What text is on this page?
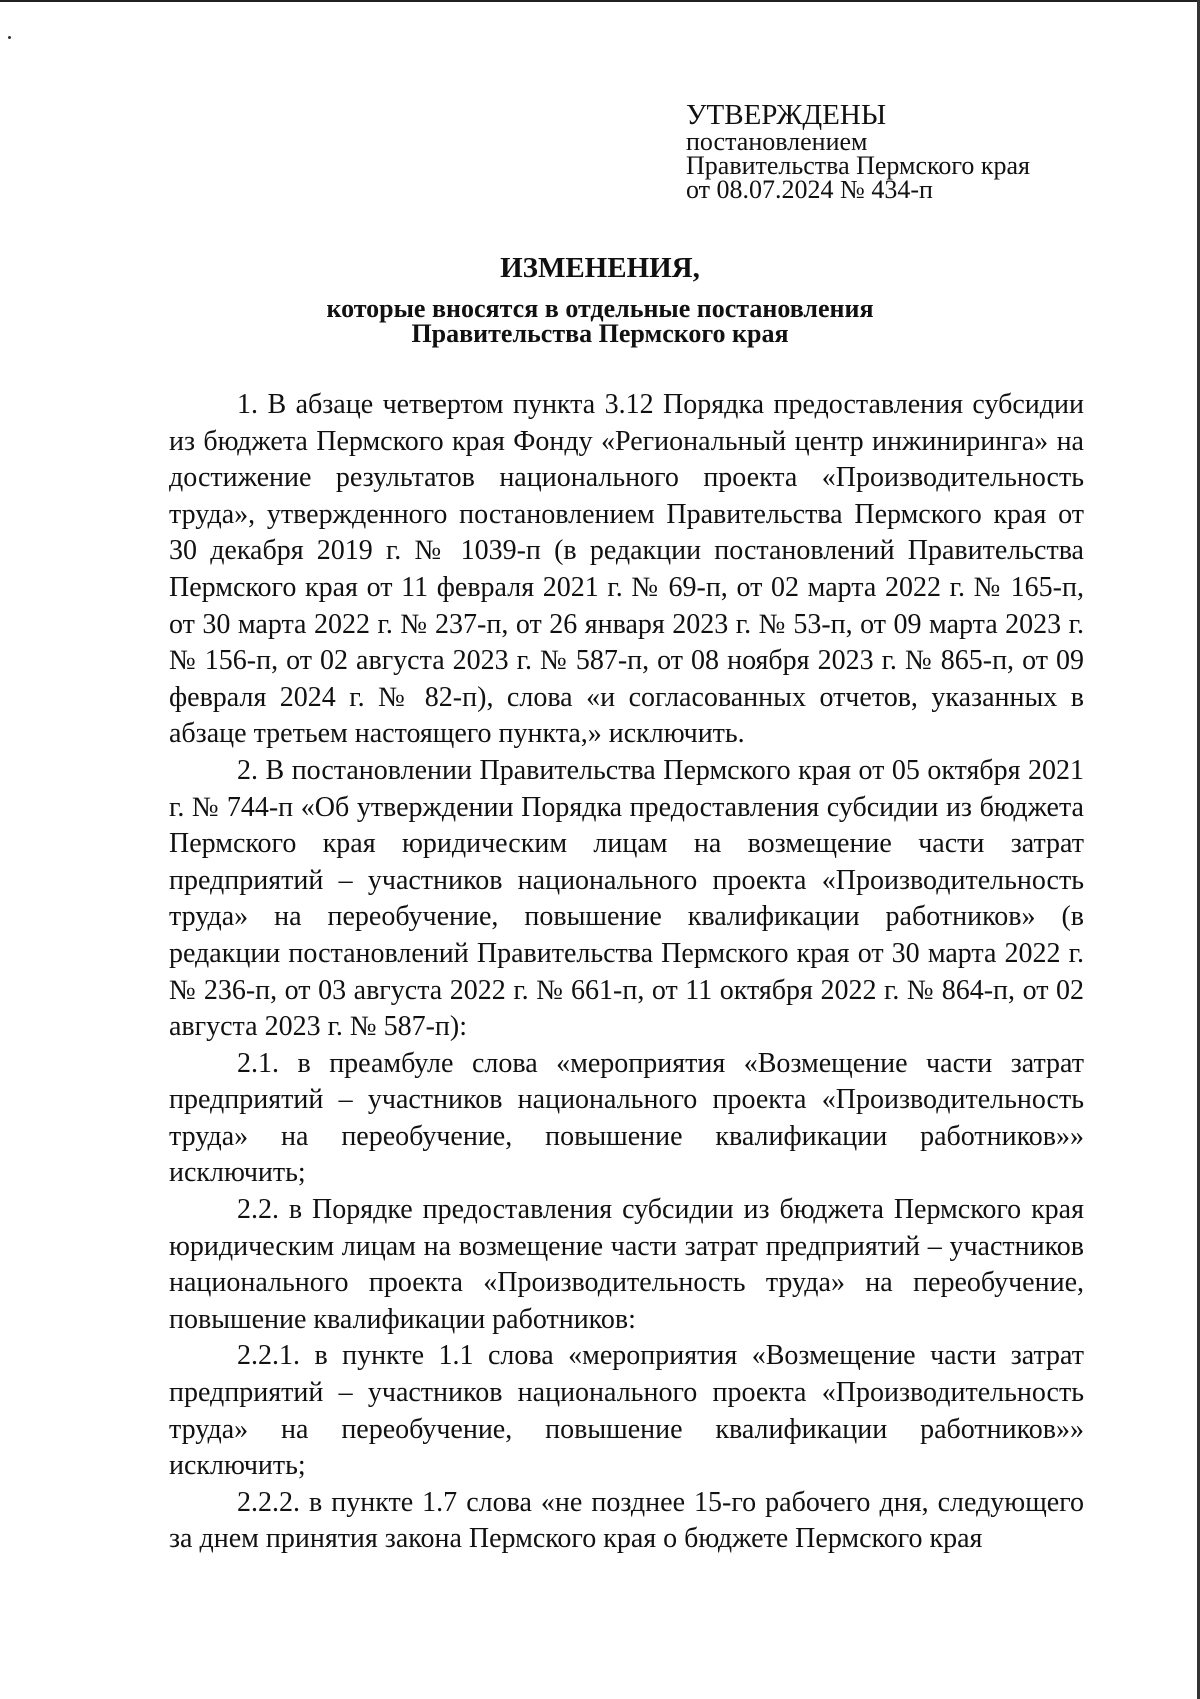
УТВЕРЖДЕНЫ
постановлением
Правительства Пермского края
от 08.07.2024 № 434-п
ИЗМЕНЕНИЯ,
которые вносятся в отдельные постановления
Правительства Пермского края

1. В абзаце четвертом пункта 3.12 Порядка предоставления субсидии из бюджета Пермского края Фонду «Региональный центр инжиниринга» на достижение результатов национального проекта «Производительность труда», утвержденного постановлением Правительства Пермского края от 30 декабря 2019 г. № 1039-п (в редакции постановлений Правительства Пермского края от 11 февраля 2021 г. № 69-п, от 02 марта 2022 г. № 165-п, от 30 марта 2022 г. № 237-п, от 26 января 2023 г. № 53-п, от 09 марта 2023 г. № 156-п, от 02 августа 2023 г. № 587-п, от 08 ноября 2023 г. № 865-п, от 09 февраля 2024 г. № 82-п), слова «и согласованных отчетов, указанных в абзаце третьем настоящего пункта,» исключить.

2. В постановлении Правительства Пермского края от 05 октября 2021 г. № 744-п «Об утверждении Порядка предоставления субсидии из бюджета Пермского края юридическим лицам на возмещение части затрат предприятий – участников национального проекта «Производительность труда» на переобучение, повышение квалификации работников» (в редакции постановлений Правительства Пермского края от 30 марта 2022 г. № 236-п, от 03 августа 2022 г. № 661-п, от 11 октября 2022 г. № 864-п, от 02 августа 2023 г. № 587-п):

2.1. в преамбуле слова «мероприятия «Возмещение части затрат предприятий – участников национального проекта «Производительность труда» на переобучение, повышение квалификации работников»» исключить;

2.2. в Порядке предоставления субсидии из бюджета Пермского края юридическим лицам на возмещение части затрат предприятий – участников национального проекта «Производительность труда» на переобучение, повышение квалификации работников:

2.2.1. в пункте 1.1 слова «мероприятия «Возмещение части затрат предприятий – участников национального проекта «Производительность труда» на переобучение, повышение квалификации работников»» исключить;

2.2.2. в пункте 1.7 слова «не позднее 15-го рабочего дня, следующего за днем принятия закона Пермского края о бюджете Пермского края
